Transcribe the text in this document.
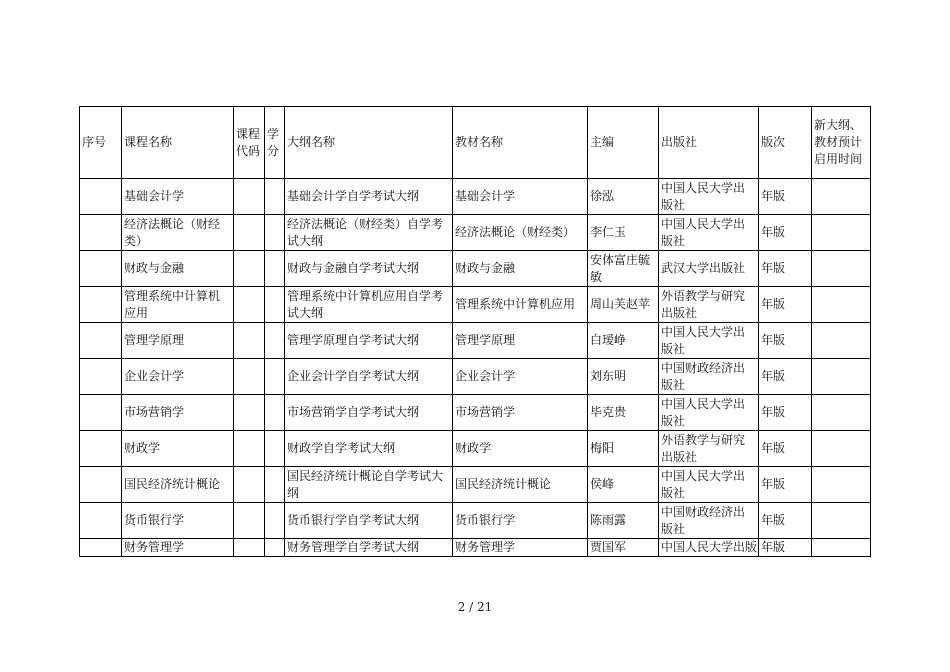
序号	课程名称	课程代码	学分	大纲名称	教材名称	主编	出版社	版次	新大纲、教材预计启用时间
	基础会计学			基础会计学自学考试大纲	基础会计学	徐泓	中国人民大学出版社	年版	
	经济法概论（财经类）			经济法概论（财经类）自学考试大纲	经济法概论（财经类）	李仁玉	中国人民大学出版社	年版	
	财政与金融			财政与金融自学考试大纲	财政与金融	安体富庄毓敏	武汉大学出版社	年版	
	管理系统中计算机应用			管理系统中计算机应用自学考试大纲	管理系统中计算机应用	周山芙赵苹	外语教学与研究出版社	年版	
	管理学原理			管理学原理自学考试大纲	管理学原理	白瑷峥	中国人民大学出版社	年版	
	企业会计学			企业会计学自学考试大纲	企业会计学	刘东明	中国财政经济出版社	年版	
	市场营销学			市场营销学自学考试大纲	市场营销学	毕克贵	中国人民大学出版社	年版	
	财政学			财政学自学考试大纲	财政学	梅阳	外语教学与研究出版社	年版	
	国民经济统计概论			国民经济统计概论自学考试大纲	国民经济统计概论	侯峰	中国人民大学出版社	年版	
	货币银行学			货币银行学自学考试大纲	货币银行学	陈雨露	中国财政经济出版社	年版	
	财务管理学			财务管理学自学考试大纲	财务管理学	贾国军	中国人民大学出版	年版	
2 / 21
